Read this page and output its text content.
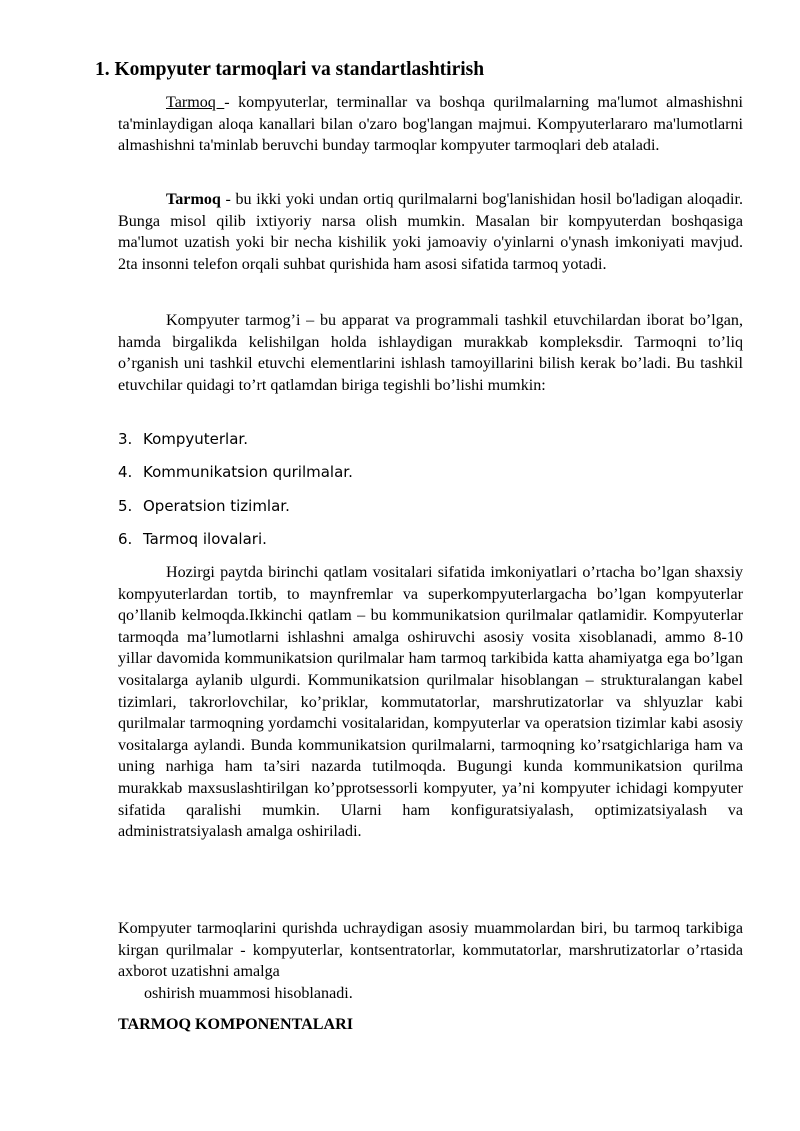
1. Kompyuter tarmoqlari va standartlashtirish

Tarmoq - kompyuterlar, terminallar va boshqa qurilmalarning ma'lumot almashishni ta'minlaydigan aloqa kanallari bilan o'zaro bog'langan majmui. Kompyuterlararo ma'lumotlarni almashishni ta'minlab beruvchi bunday tarmoqlar kompyuter tarmoqlari deb ataladi.

Tarmoq - bu ikki yoki undan ortiq qurilmalarni bog'lanishidan hosil bo'ladigan aloqadir. Bunga misol qilib ixtiyoriy narsa olish mumkin. Masalan bir kompyuterdan boshqasiga ma'lumot uzatish yoki bir necha kishilik yoki jamoaviy o'yinlarni o'ynash imkoniyati mavjud. 2ta insonni telefon orqali suhbat qurishida ham asosi sifatida tarmoq yotadi.

Kompyuter tarmog’i – bu apparat va programmali tashkil etuvchilardan iborat bo’lgan, hamda birgalikda kelishilgan holda ishlaydigan murakkab kompleksdir. Tarmoqni to’liq o’rganish uni tashkil etuvchi elementlarini ishlash tamoyillarini bilish kerak bo’ladi. Bu tashkil etuvchilar quidagi to’rt qatlamdan biriga tegishli bo’lishi mumkin:

3. Kompyuterlar.
4. Kommunikatsion qurilmalar.
5. Operatsion tizimlar.
6. Tarmoq ilovalari.

Hozirgi paytda birinchi qatlam vositalari sifatida imkoniyatlari o’rtacha bo’lgan shaxsiy kompyuterlardan tortib, to maynfremlar va superkompyuterlargacha bo’lgan kompyuterlar qo’llanib kelmoqda.Ikkinchi qatlam – bu kommunikatsion qurilmalar qatlamidir. Kompyuterlar tarmoqda ma’lumotlarni ishlashni amalga oshiruvchi asosiy vosita xisoblanadi, ammo 8-10 yillar davomida kommunikatsion qurilmalar ham tarmoq tarkibida katta ahamiyatga ega bo’lgan vositalarga aylanib ulgurdi. Kommunikatsion qurilmalar hisoblangan – strukturalangan kabel tizimlari, takrorlovchilar, ko’priklar, kommutatorlar, marshrutizatorlar va shlyuzlar kabi qurilmalar tarmoqning yordamchi vositalaridan, kompyuterlar va operatsion tizimlar kabi asosiy vositalarga aylandi. Bunda kommunikatsion qurilmalarni, tarmoqning ko’rsatgichlariga ham va uning narhiga ham ta’siri nazarda tutilmoqda. Bugungi kunda kommunikatsion qurilma murakkab maxsuslashtirilgan ko’pprotsessorli kompyuter, ya’ni kompyuter ichidagi kompyuter sifatida qaralishi mumkin. Ularni ham konfiguratsiyalash, optimizatsiyalash va administratsiyalash amalga oshiriladi.

Kompyuter tarmoqlarini qurishda uchraydigan asosiy muammolardan biri, bu tarmoq tarkibiga kirgan qurilmalar - kompyuterlar, kontsentratorlar, kommutatorlar, marshrutizatorlar o’rtasida axborot uzatishni amalga

oshirish muammosi hisoblanadi.
TARMOQ KOMPONENTALARI
